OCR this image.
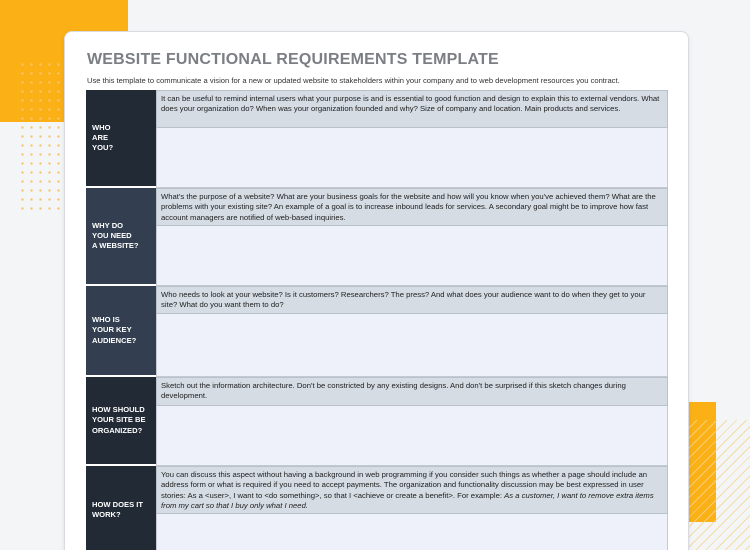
WEBSITE FUNCTIONAL REQUIREMENTS TEMPLATE
Use this template to communicate a vision for a new or updated website to stakeholders within your company and to web development resources you contract.
WHO
ARE
YOU?
It can be useful to remind internal users what your purpose is and is essential to good function and design to explain this to external vendors. What does your organization do? When was your organization founded and why? Size of company and location. Main products and services.
WHY DO
YOU NEED
A WEBSITE?
What's the purpose of a website? What are your business goals for the website and how will you know when you've achieved them? What are the problems with your existing site? An example of a goal is to increase inbound leads for services. A secondary goal might be to improve how fast account managers are notified of web-based inquiries.
WHO IS
YOUR KEY
AUDIENCE?
Who needs to look at your website? Is it customers? Researchers? The press? And what does your audience want to do when they get to your site? What do you want them to do?
HOW SHOULD
YOUR SITE BE
ORGANIZED?
Sketch out the information architecture. Don't be constricted by any existing designs. And don't be surprised if this sketch changes during development.
HOW DOES IT
WORK?
You can discuss this aspect without having a background in web programming if you consider such things as whether a page should include an address form or what is required if you need to accept payments. The organization and functionality discussion may be best expressed in user stories: As a <user>, I want to <do something>, so that I <achieve or create a benefit>. For example: As a customer, I want to remove extra items from my cart so that I buy only what I need.
